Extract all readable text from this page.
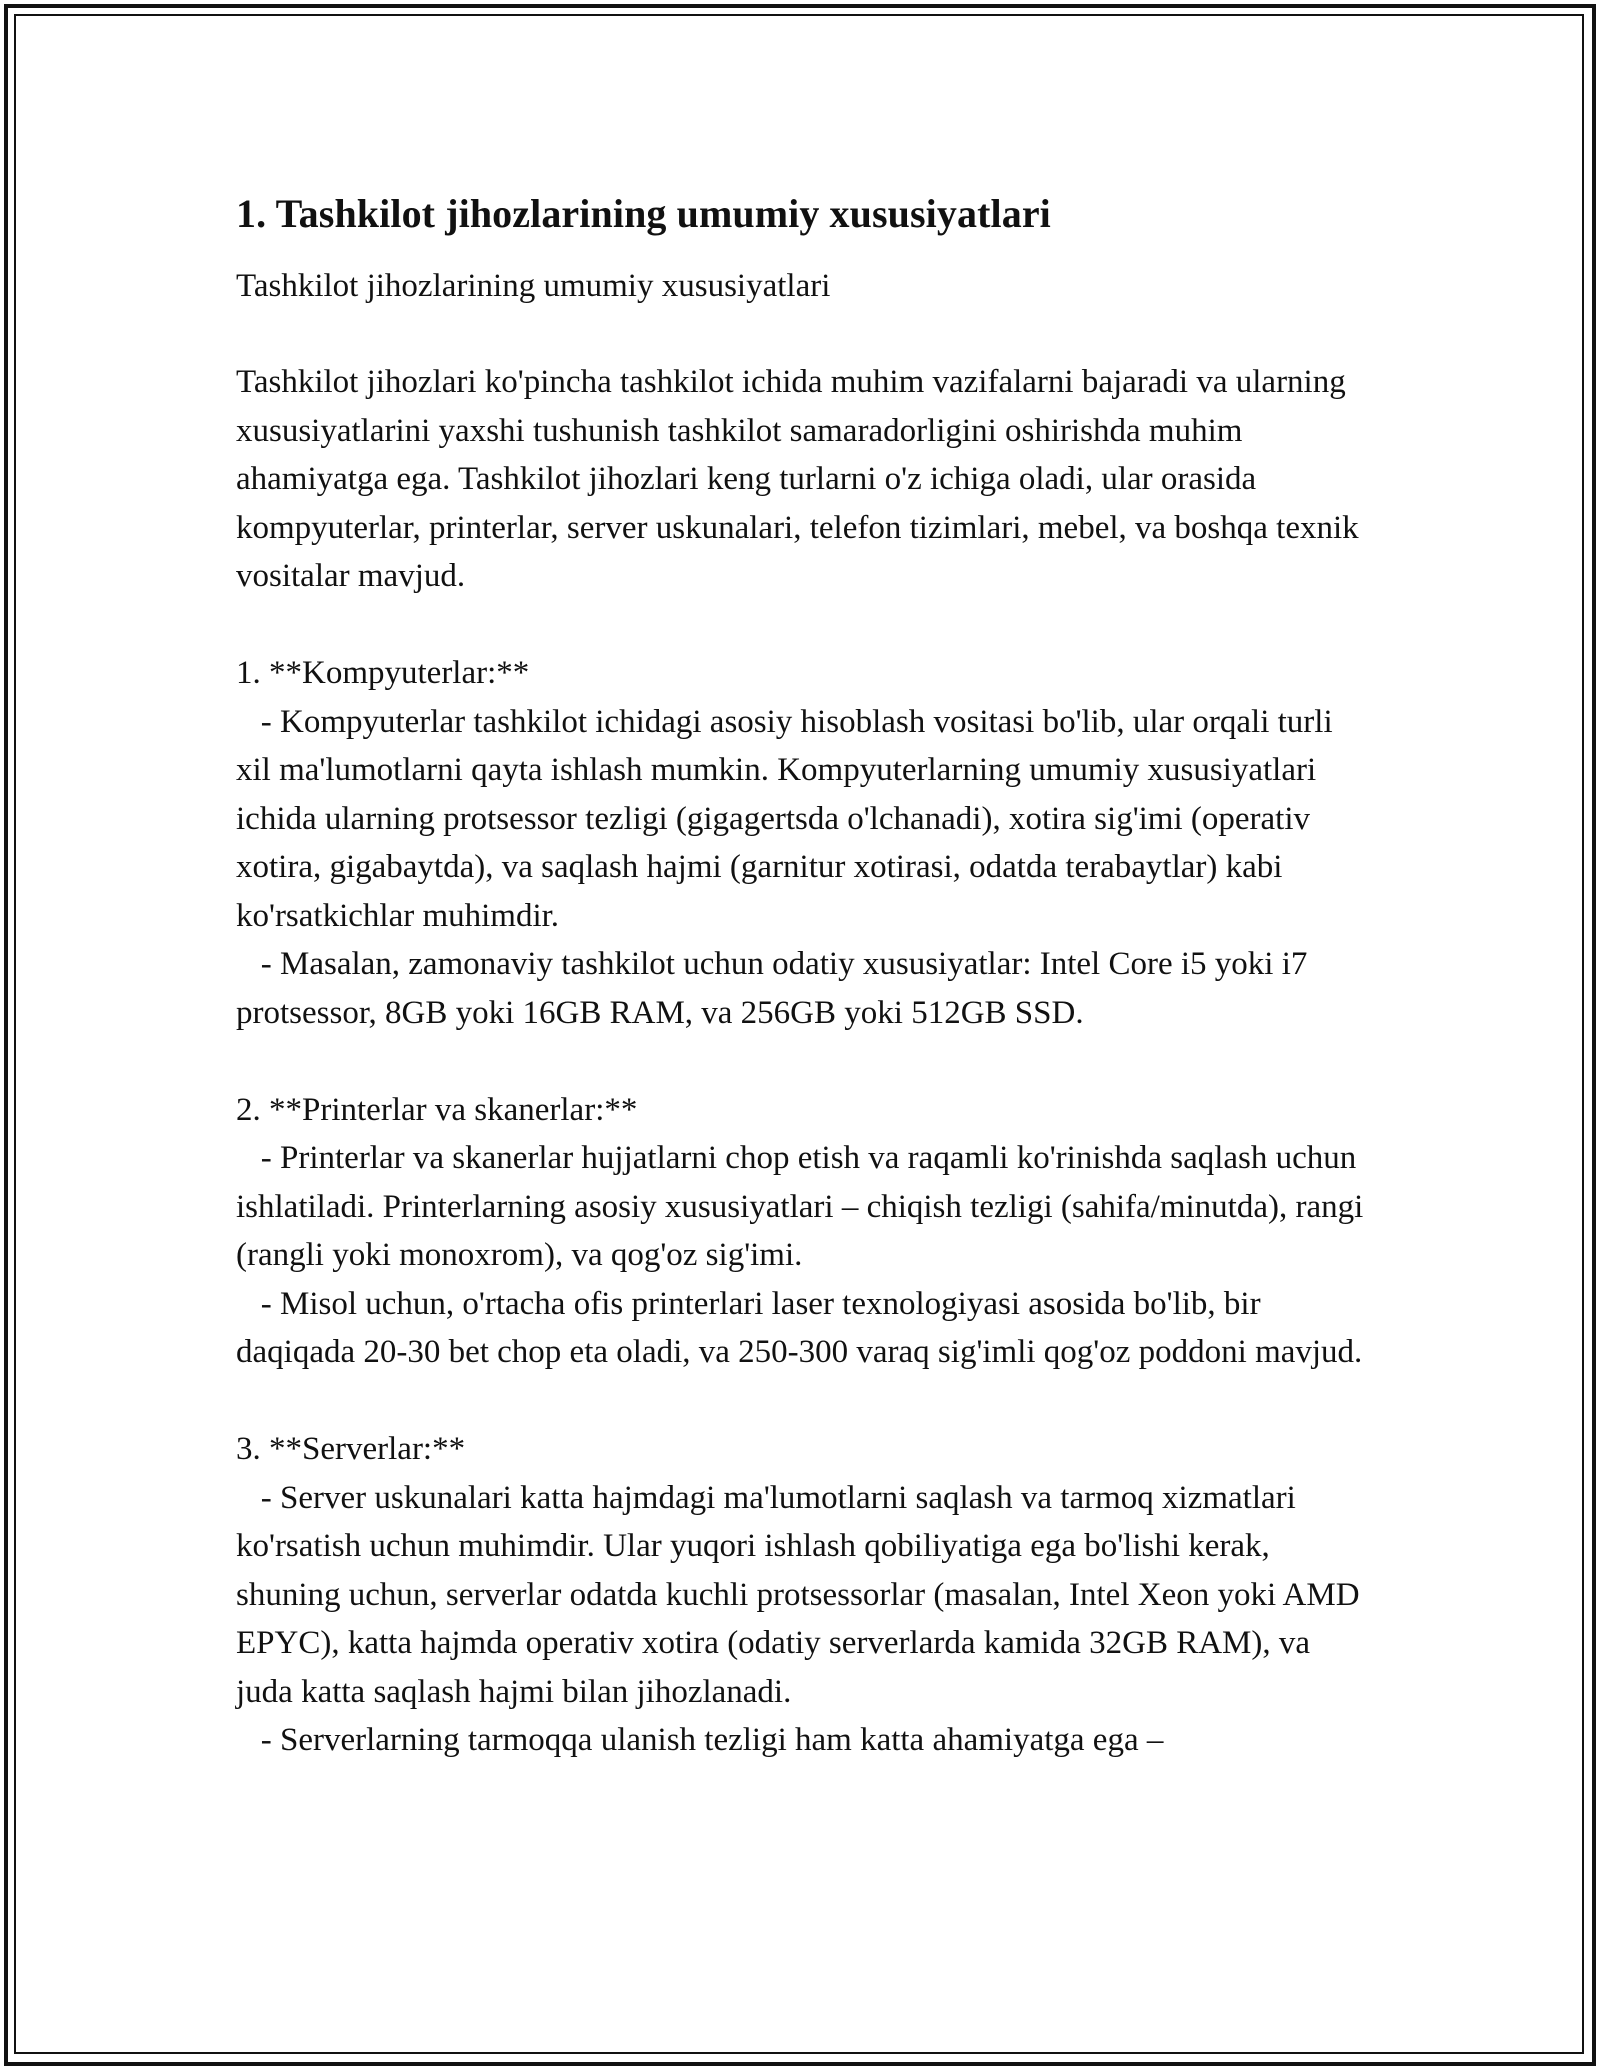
1. Tashkilot jihozlarining umumiy xususiyatlari

Tashkilot jihozlarining umumiy xususiyatlari

Tashkilot jihozlari ko'pincha tashkilot ichida muhim vazifalarni bajaradi va ularning xususiyatlarini yaxshi tushunish tashkilot samaradorligini oshirishda muhim ahamiyatga ega. Tashkilot jihozlari keng turlarni o'z ichiga oladi, ular orasida kompyuterlar, printerlar, server uskunalari, telefon tizimlari, mebel, va boshqa texnik vositalar mavjud.

1. **Kompyuterlar:**

- Kompyuterlar tashkilot ichidagi asosiy hisoblash vositasi bo'lib, ular orqali turli xil ma'lumotlarni qayta ishlash mumkin. Kompyuterlarning umumiy xususiyatlari ichida ularning protsessor tezligi (gigagertsda o'lchanadi), xotira sig'imi (operativ xotira, gigabaytda), va saqlash hajmi (garnitur xotirasi, odatda terabaytlar) kabi ko'rsatkichlar muhimdir.

- Masalan, zamonaviy tashkilot uchun odatiy xususiyatlar: Intel Core i5 yoki i7 protsessor, 8GB yoki 16GB RAM, va 256GB yoki 512GB SSD.

2. **Printerlar va skanerlar:**

- Printerlar va skanerlar hujjatlarni chop etish va raqamli ko'rinishda saqlash uchun ishlatiladi. Printerlarning asosiy xususiyatlari – chiqish tezligi (sahifa/minutda), rangi (rangli yoki monoxrom), va qog'oz sig'imi.

- Misol uchun, o'rtacha ofis printerlari laser texnologiyasi asosida bo'lib, bir daqiqada 20-30 bet chop eta oladi, va 250-300 varaq sig'imli qog'oz poddoni mavjud.

3. **Serverlar:**

- Server uskunalari katta hajmdagi ma'lumotlarni saqlash va tarmoq xizmatlari ko'rsatish uchun muhimdir. Ular yuqori ishlash qobiliyatiga ega bo'lishi kerak, shuning uchun, serverlar odatda kuchli protsessorlar (masalan, Intel Xeon yoki AMD EPYC), katta hajmda operativ xotira (odatiy serverlarda kamida 32GB RAM), va juda katta saqlash hajmi bilan jihozlanadi.

- Serverlarning tarmoqqa ulanish tezligi ham katta ahamiyatga ega –
